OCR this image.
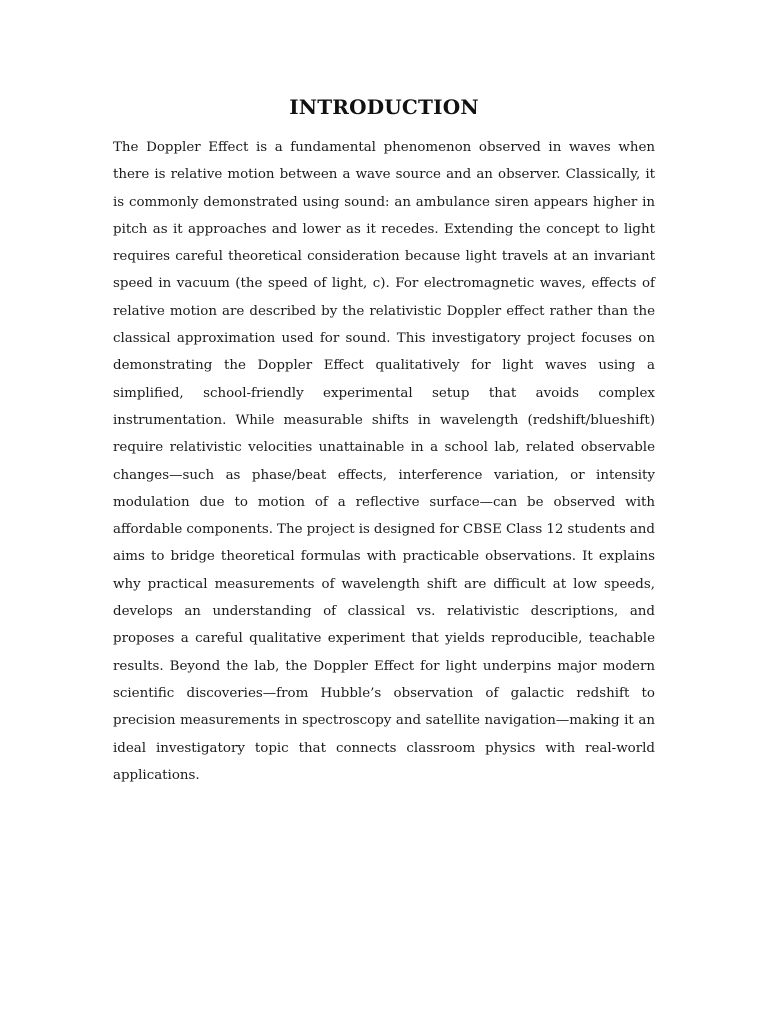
INTRODUCTION

The Doppler Effect is a fundamental phenomenon observed in waves when there is relative motion between a wave source and an observer. Classically, it is commonly demonstrated using sound: an ambulance siren appears higher in pitch as it approaches and lower as it recedes. Extending the concept to light requires careful theoretical consideration because light travels at an invariant speed in vacuum (the speed of light, c). For electromagnetic waves, effects of relative motion are described by the relativistic Doppler effect rather than the classical approximation used for sound. This investigatory project focuses on demonstrating the Doppler Effect qualitatively for light waves using a simplified, school-friendly experimental setup that avoids complex instrumentation. While measurable shifts in wavelength (redshift/blueshift) require relativistic velocities unattainable in a school lab, related observable changes—such as phase/beat effects, interference variation, or intensity modulation due to motion of a reflective surface—can be observed with affordable components. The project is designed for CBSE Class 12 students and aims to bridge theoretical formulas with practicable observations. It explains why practical measurements of wavelength shift are difficult at low speeds, develops an understanding of classical vs. relativistic descriptions, and proposes a careful qualitative experiment that yields reproducible, teachable results. Beyond the lab, the Doppler Effect for light underpins major modern scientific discoveries—from Hubble’s observation of galactic redshift to precision measurements in spectroscopy and satellite navigation—making it an ideal investigatory topic that connects classroom physics with real-world applications.
